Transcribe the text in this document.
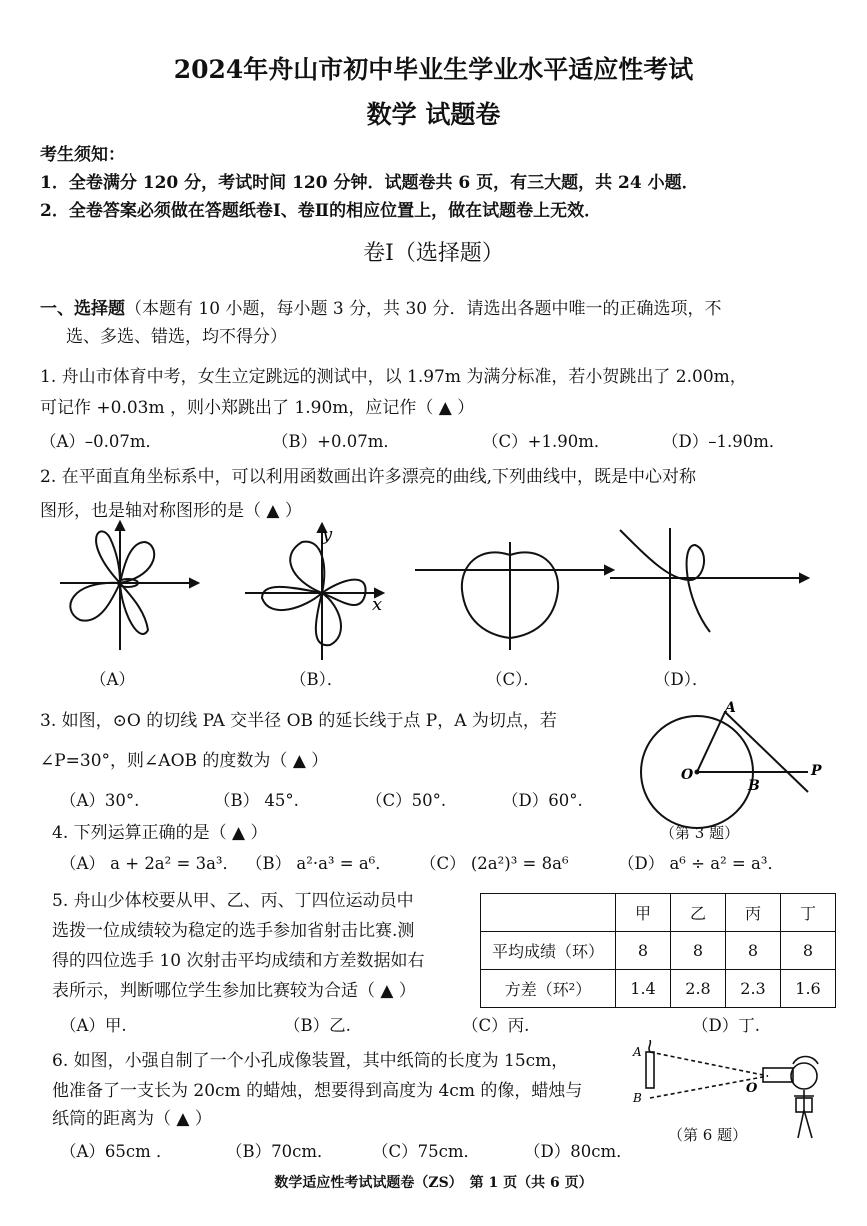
2024年舟山市初中毕业生学业水平适应性考试
数学 试题卷
考生须知：
1．全卷满分 120 分，考试时间 120 分钟．试题卷共 6 页，有三大题，共 24 小题．
2．全卷答案必须做在答题纸卷Ⅰ、卷Ⅱ的相应位置上，做在试题卷上无效．
卷Ⅰ（选择题）
一、选择题（本题有 10 小题，每小题 3 分，共 30 分．请选出各题中唯一的正确选项，不
选、多选、错选，均不得分）
1. 舟山市体育中考，女生立定跳远的测试中，以 1.97m 为满分标准，若小贺跳出了 2.00m，
可记作 +0.03m ，则小郑跳出了 1.90m，应记作（ ▲ ）
（A）–0.07m．	（B）+0.07m．	（C）+1.90m．	（D）–1.90m．
2. 在平面直角坐标系中，可以利用函数画出许多漂亮的曲线,下列曲线中，既是中心对称
图形，也是轴对称图形的是（ ▲ ）
y
x
（A）	（B）．	（C）．	（D）．
3. 如图，⊙O 的切线 PA 交半径 OB 的延长线于点 P，A 为切点，若
∠P=30°，则∠AOB 的度数为（ ▲ ）
（A）30°.	（B） 45°.	（C）50°.	（D）60°.
A
O
B
P
（第 3 题）
4. 下列运算正确的是（ ▲ ）
（A） a + 2a² = 3a³． （B） a²·a³ = a⁶． （C） (2a²)³ = 8a⁶	（D） a⁶ ÷ a² = a³．
5. 舟山少体校要从甲、乙、丙、丁四位运动员中
选拨一位成绩较为稳定的选手参加省射击比赛.测
得的四位选手 10 次射击平均成绩和方差数据如右
表所示，判断哪位学生参加比赛较为合适（ ▲ ）
	甲	乙	丙	丁
平均成绩（环）	8	8	8	8
方差（环²）	1.4	2.8	2.3	1.6
（A）甲.	（B）乙.	（C）丙.	（D）丁.
6. 如图，小强自制了一个小孔成像装置，其中纸筒的长度为 15cm，
他准备了一支长为 20cm 的蜡烛，想要得到高度为 4cm 的像，蜡烛与
纸筒的距离为（ ▲ ）
（A）65cm ．	（B）70cm． （C）75cm．	（D）80cm．
A
B
O
（第 6 题）
数学适应性考试试题卷（ZS）　第 1 页（共 6 页）
